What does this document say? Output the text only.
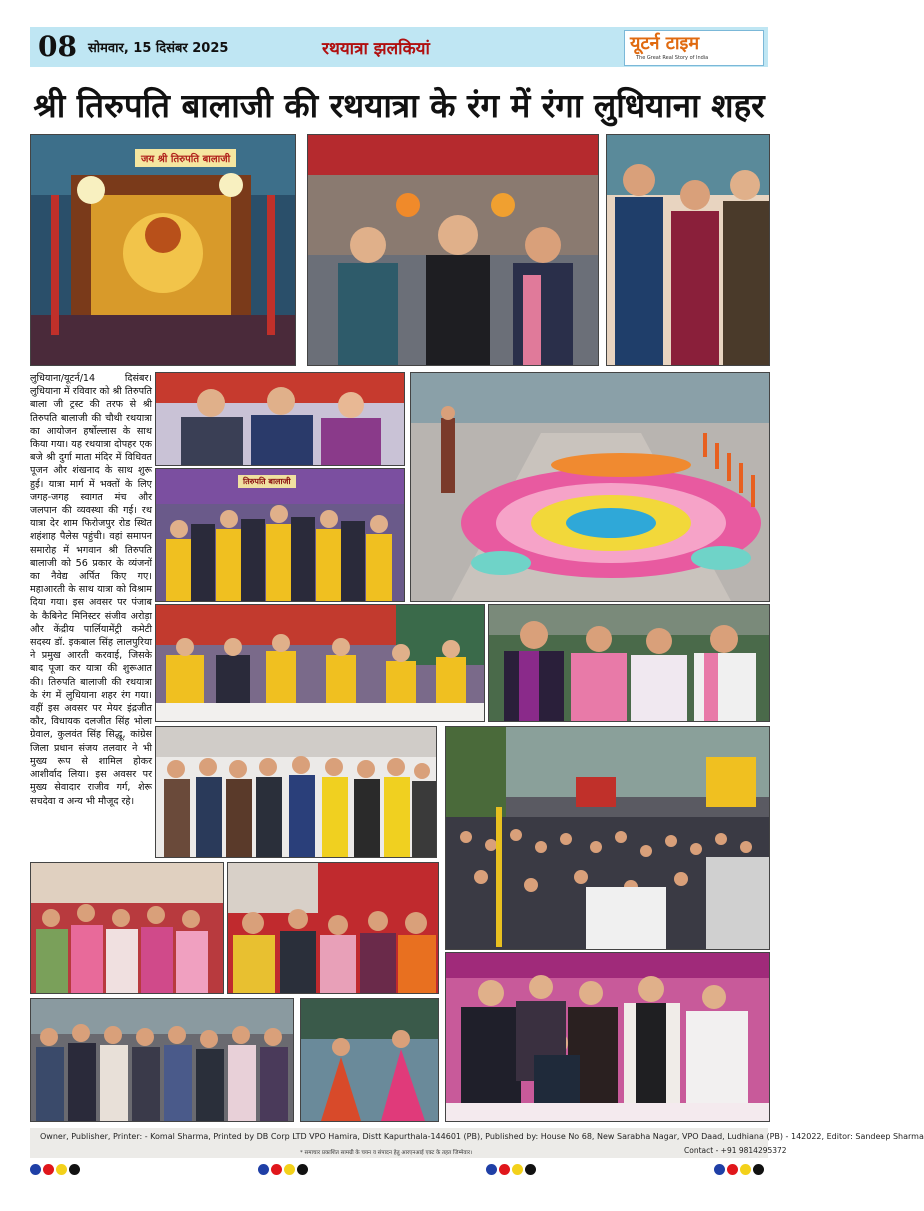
08 सोमवार, 15 दिसंबर 2025	रथयात्रा झलकियां	यूटर्न टाइम
The Great Real Story of India
श्री तिरुपति बालाजी की रथयात्रा के रंग में रंगा लुधियाना शहर
जय श्री तिरुपति बालाजी

लुधियाना/यूटर्न/14 दिसंबर। लुधियाना में रविवार को श्री तिरुपति बाला जी ट्रस्ट की तरफ से श्री तिरुपति बालाजी की चौथी रथयात्रा का आयोजन हर्षोल्लास के साथ किया गया। यह रथयात्रा दोपहर एक बजे श्री दुर्गा माता मंदिर में विधिवत पूजन और शंखनाद के साथ शुरू हुई। यात्रा मार्ग में भक्तों के लिए जगह-जगह स्वागत मंच और जलपान की व्यवस्था की गई। रथ यात्रा देर शाम फिरोजपुर रोड स्थित शहंशाह पैलेस पहुंची। वहां समापन समारोह में भगवान श्री तिरुपति बालाजी को 56 प्रकार के व्यंजनों का नैवेद्य अर्पित किए गए। महाआरती के साथ यात्रा को विश्राम दिया गया। इस अवसर पर पंजाब के कैबिनेट मिनिस्टर संजीव अरोड़ा और केंद्रीय पार्लियामेंट्री कमेटी सदस्य डॉ. इकबाल सिंह लालपुरिया ने प्रमुख आरती करवाई, जिसके बाद पूजा कर यात्रा की शुरूआत की। तिरुपति बालाजी की रथयात्रा के रंग में लुधियाना शहर रंग गया। वहीं इस अवसर पर मेयर इंद्रजीत कौर, विधायक दलजीत सिंह भोला ग्रेवाल, कुलवंत सिंह सिद्धू, कांग्रेस जिला प्रधान संजय तलवार ने भी मुख्य रूप से शामिल होकर आशीर्वाद लिया। इस अवसर पर मुख्य सेवादार राजीव गर्ग, शेरू सचदेवा व अन्य भी मौजूद रहे।

तिरुपति बालाजी
Owner, Publisher, Printer: - Komal Sharma, Printed by DB Corp LTD VPO Hamira, Distt Kapurthala-144601 (PB), Published by: House No 68, New Sarabha Nagar, VPO Daad, Ludhiana (PB) - 142022, Editor: Sandeep Sharma
* समाचार प्रकाशित सामग्री के चयन व संपादन हेतु आरएनआई एक्ट के तहत जिम्मेवार।	Contact - +91 9814295372
